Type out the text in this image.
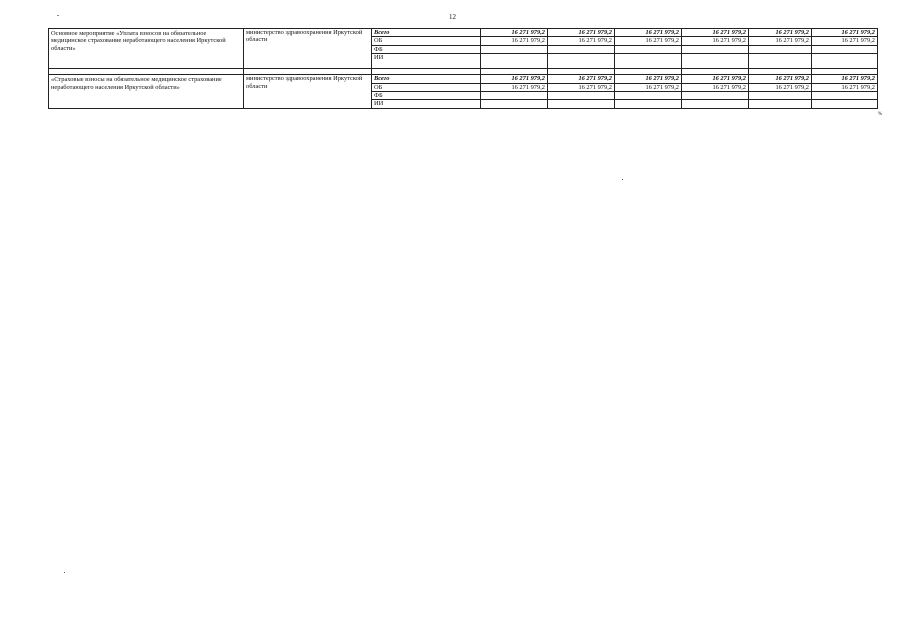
ᵕ	12
Основное мероприятие «Уплата взносов на обязательное медицинское страхование неработающего населения Иркутской области»	министерство здравоохранения Иркутской области	Всего	16 271 979,2	16 271 979,2	16 271 979,2	16 271 979,2	16 271 979,2	16 271 979,2
		ОБ	16 271 979,2	16 271 979,2	16 271 979,2	16 271 979,2	16 271 979,2	16 271 979,2
		ФБ						
		ИИ						

«Страховые взносы на обязательное медицинское страхование неработающего населения Иркутской области»	министерство здравоохранения Иркутской области	Всего	16 271 979,2	16 271 979,2	16 271 979,2	16 271 979,2	16 271 979,2	16 271 979,2
		ОБ	16 271 979,2	16 271 979,2	16 271 979,2	16 271 979,2	16 271 979,2	16 271 979,2
		ФБ						
		ИИ						
%
